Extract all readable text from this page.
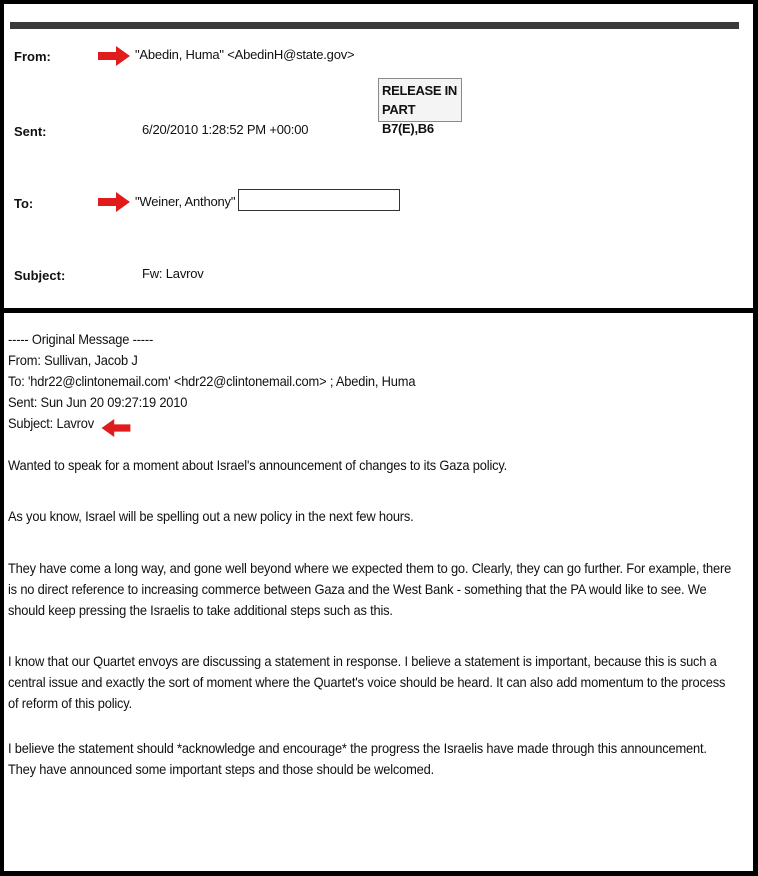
From:	"Abedin, Huma" <AbedinH@state.gov>
RELEASE IN
PART B7(E),B6
Sent:	6/20/2010 1:28:52 PM +00:00
To:	"Weiner, Anthony"
Subject:	Fw: Lavrov
----- Original Message -----
From: Sullivan, Jacob J
To: 'hdr22@clintonemail.com' <hdr22@clintonemail.com> ; Abedin, Huma
Sent: Sun Jun 20 09:27:19 2010
Subject: Lavrov
Wanted to speak for a moment about Israel's announcement of changes to its Gaza policy.
As you know, Israel will be spelling out a new policy in the next few hours.
They have come a long way, and gone well beyond where we expected them to go. Clearly, they can go further. For example, there is no direct reference to increasing commerce between Gaza and the West Bank - something that the PA would like to see. We should keep pressing the Israelis to take additional steps such as this.
I know that our Quartet envoys are discussing a statement in response. I believe a statement is important, because this is such a central issue and exactly the sort of moment where the Quartet's voice should be heard. It can also add momentum to the process of reform of this policy.
I believe the statement should *acknowledge and encourage* the progress the Israelis have made through this announcement. They have announced some important steps and those should be welcomed.
